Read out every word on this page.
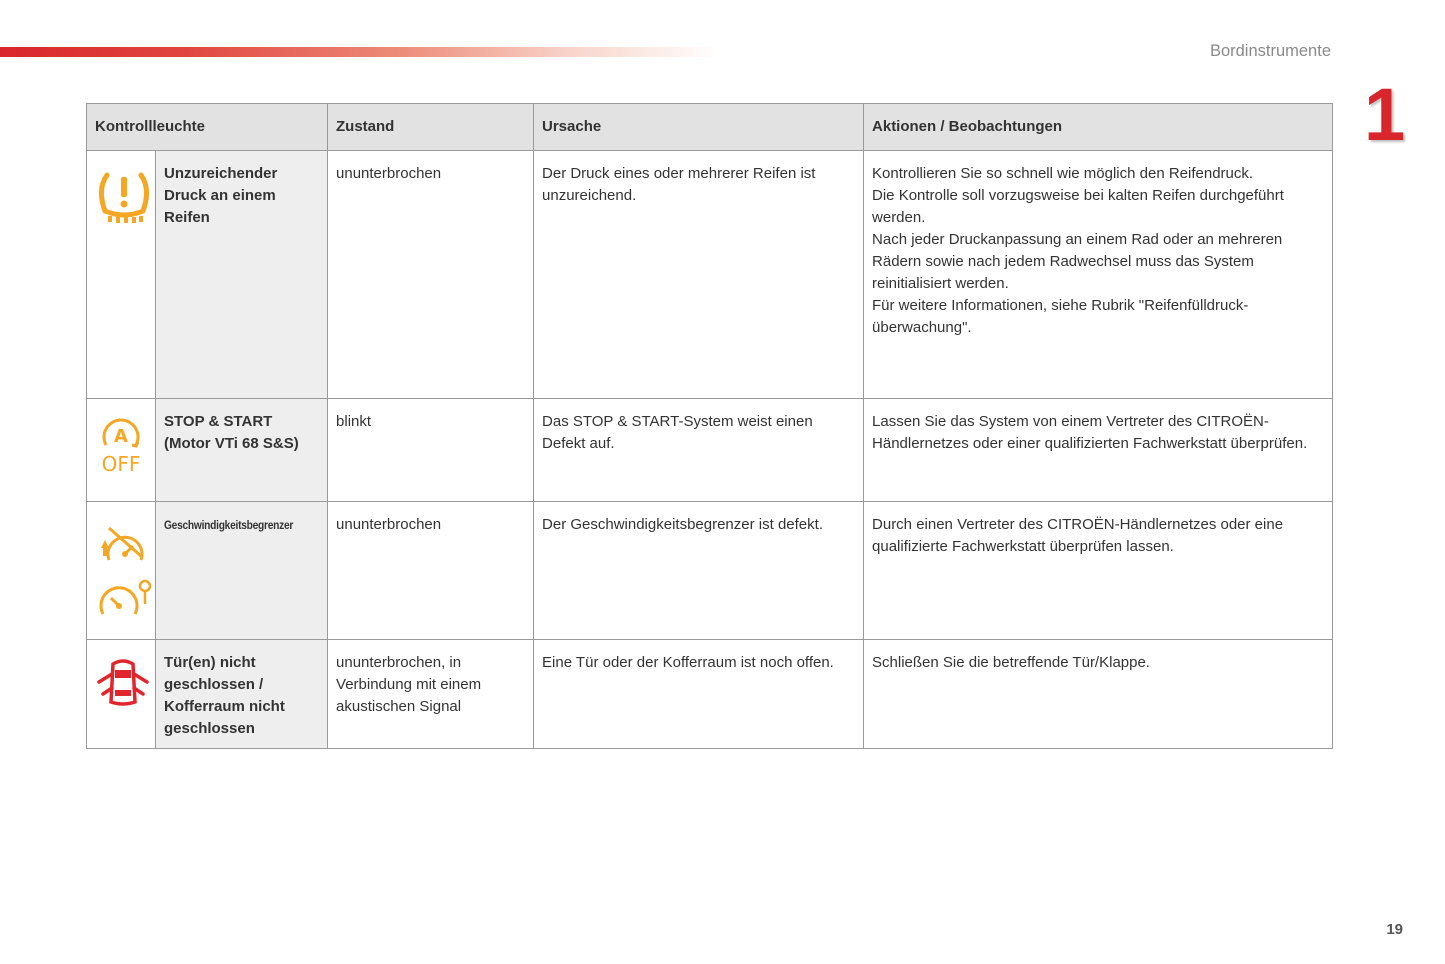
Bordinstrumente
1
Kontrollleuchte		Zustand	Ursache	Aktionen / Beobachtungen

	Unzureichender Druck an einem Reifen	ununterbrochen	Der Druck eines oder mehrerer Reifen ist unzureichend.	Kontrollieren Sie so schnell wie möglich den Reifendruck.
Die Kontrolle soll vorzugsweise bei kalten Reifen durchgeführt werden.
Nach jeder Druckanpassung an einem Rad oder an mehreren Rädern sowie nach jedem Radwechsel muss das System reinitialisiert werden.
Für weitere Informationen, siehe Rubrik "Reifenfülldruck-überwachung".

A
OFF	STOP & START (Motor VTi 68 S&S)	blinkt	Das STOP & START-System weist einen Defekt auf.	Lassen Sie das System von einem Vertreter des CITROËN-Händlernetzes oder einer qualifizierten Fachwerkstatt überprüfen.

	Geschwindigkeitsbegrenzer	ununterbrochen	Der Geschwindigkeitsbegrenzer ist defekt.	Durch einen Vertreter des CITROËN-Händlernetzes oder eine qualifizierte Fachwerkstatt überprüfen lassen.

	Tür(en) nicht geschlossen / Kofferraum nicht geschlossen	ununterbrochen, in Verbindung mit einem akustischen Signal	Eine Tür oder der Kofferraum ist noch offen.	Schließen Sie die betreffende Tür/Klappe.
19
